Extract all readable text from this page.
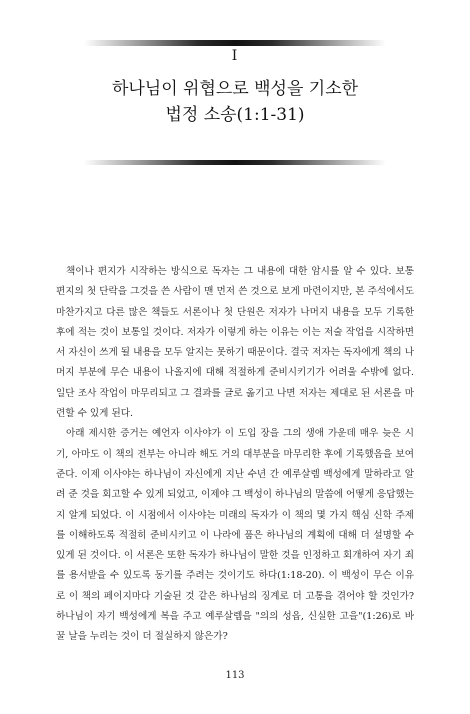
I
하나님이 위협으로 백성을 기소한
법정 소송(1:1-31)

책이나 편지가 시작하는 방식으로 독자는 그 내용에 대한 암시를 알 수 있다. 보통 편지의 첫 단락을 그것을 쓴 사람이 맨 먼저 쓴 것으로 보게 마련이지만, 본 주석에서도 마찬가지고 다른 많은 책들도 서론이나 첫 단원은 저자가 나머지 내용을 모두 기록한 후에 적는 것이 보통일 것이다. 저자가 이렇게 하는 이유는 이는 저술 작업을 시작하면서 자신이 쓰게 될 내용을 모두 알지는 못하기 때문이다. 결국 저자는 독자에게 책의 나머지 부분에 무슨 내용이 나올지에 대해 적절하게 준비시키기가 어려울 수밖에 없다. 일단 조사 작업이 마무리되고 그 결과를 글로 옮기고 나면 저자는 제대로 된 서론을 마련할 수 있게 된다.

아래 제시한 증거는 예언자 이사야가 이 도입 장을 그의 생애 가운데 매우 늦은 시기, 아마도 이 책의 전부는 아니라 해도 거의 대부분을 마무리한 후에 기록했음을 보여 준다. 이제 이사야는 하나님이 자신에게 지난 수년 간 예루살렘 백성에게 말하라고 알려 준 것을 회고할 수 있게 되었고, 이제야 그 백성이 하나님의 말씀에 어떻게 응답했는지 알게 되었다. 이 시점에서 이사야는 미래의 독자가 이 책의 몇 가지 핵심 신학 주제를 이해하도록 적절히 준비시키고 이 나라에 품은 하나님의 계획에 대해 더 설명할 수 있게 된 것이다. 이 서론은 또한 독자가 하나님이 말한 것을 인정하고 회개하여 자기 죄를 용서받을 수 있도록 동기를 주려는 것이기도 하다(1:18-20). 이 백성이 무슨 이유로 이 책의 페이지마다 기술된 것 같은 하나님의 징계로 더 고통을 겪어야 할 것인가? 하나님이 자기 백성에게 복을 주고 예루살렘을 "의의 성읍, 신실한 고을"(1:26)로 바꿀 날을 누리는 것이 더 절실하지 않은가?

113
